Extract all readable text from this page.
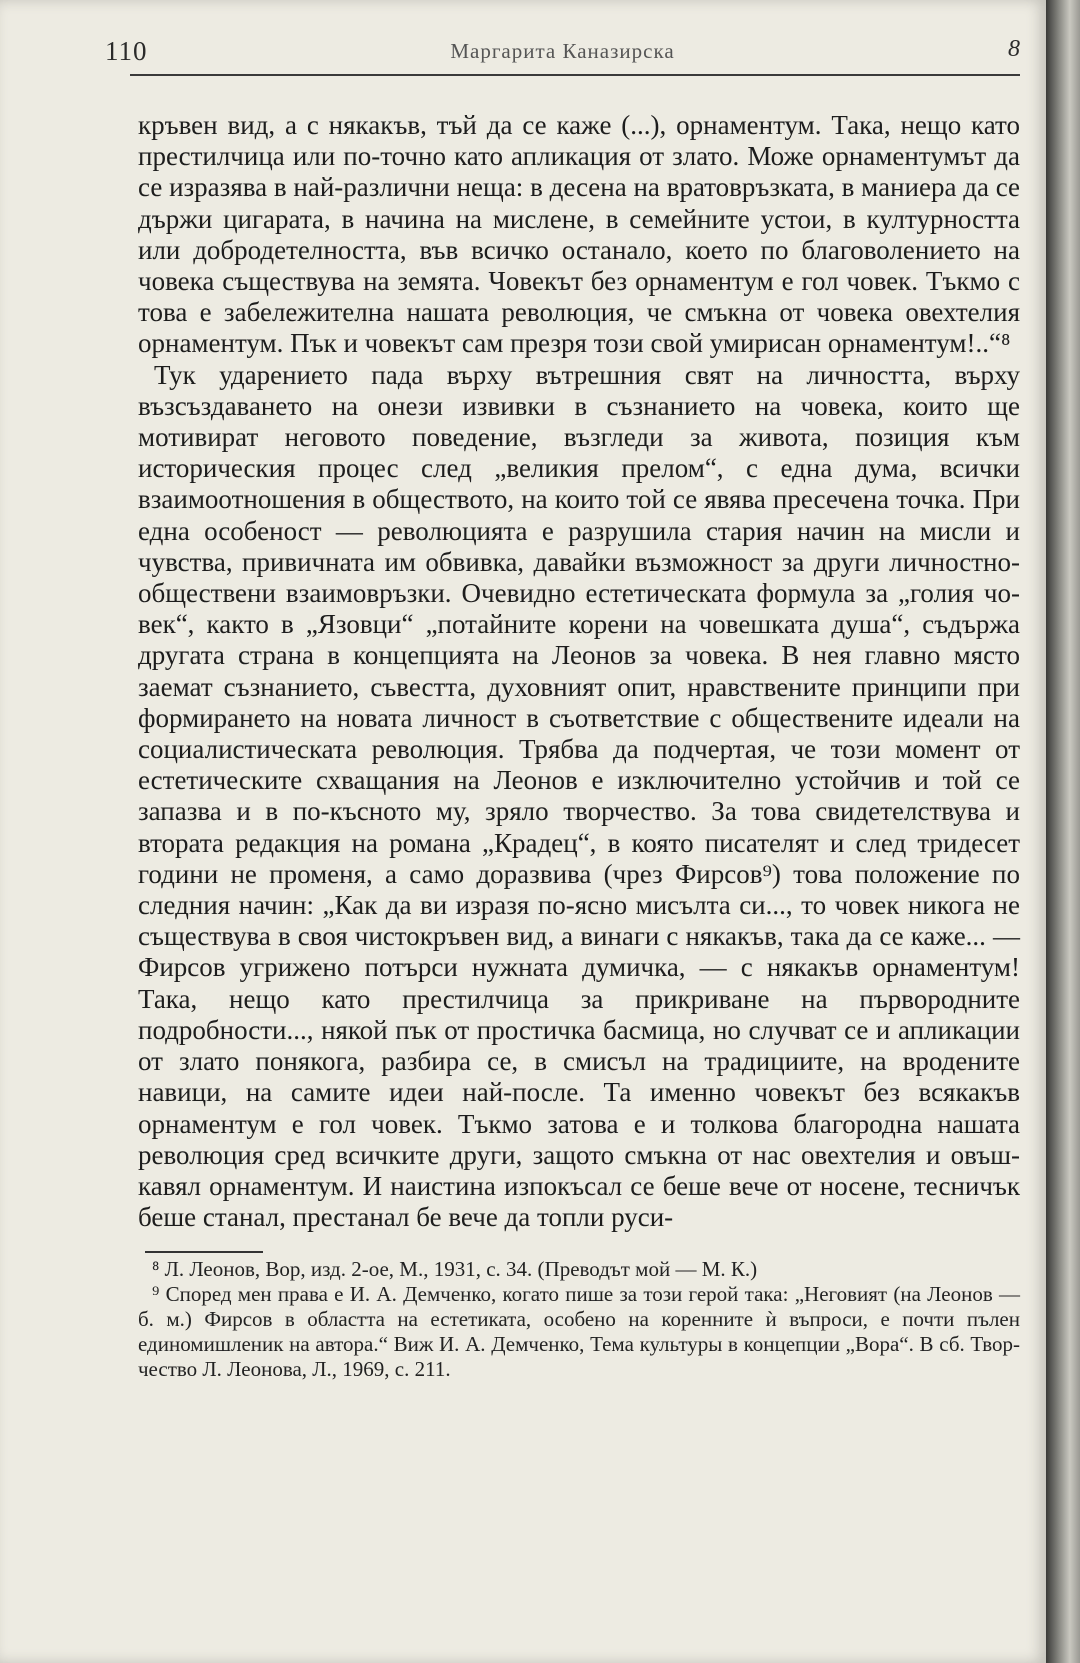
110	Маргарита Каназирска	8

кръвен вид, а с някакъв, тъй да се каже (...), орнаментум. Така, нещо като престилчица или по-точно като апликация от злато. Може орнаментумът да се изразява в най-различни неща: в десена на вратовръзката, в маниера да се държи цигарата, в начина на мислене, в семейните устои, в културността или добродетелността, във всичко останало, което по благоволението на човека съществува на земята. Човекът без орнаментум е гол човек. Тъкмо с това е забележителна нашата революция, че смъкна от човека овехтелия орнаментум. Пък и човекът сам презря този свой умирисан орнаментум!..“⁸

Тук ударението пада върху вътрешния свят на личността, върху възсъздаването на онези извивки в съзнанието на човека, които ще мотивират неговото поведение, възгледи за живота, позиция към историческия процес след „великия прелом“, с една дума, всички взаимоотношения в обществото, на които той се явява пресечена точка. При една особеност — революцията е разрушила стария начин на мисли и чувства, привичната им обвивка, давайки възможност за други личностно-обществени взаимовръзки. Очевидно естетическата формула за „голия човек“, както в „Язовци“ „потайните корени на човешката душа“, съдържа другата страна в концепцията на Леонов за човека. В нея главно място заемат съзнанието, съвестта, духовният опит, нравствените принципи при формирането на новата личност в съответствие с обществените идеали на социалистическата революция. Трябва да подчертая, че този момент от естетическите схващания на Леонов е изключително устойчив и той се запазва и в по-късното му, зряло творчество. За това свидетелствува и втората редакция на романа „Крадец“, в която писателят и след тридесет години не променя, а само доразвива (чрез Фирсов⁹) това положение по следния начин: „Как да ви изразя по-ясно мисълта си..., то човек никога не съществува в своя чистокръвен вид, а винаги с някакъв, така да се каже... — Фирсов угрижено потърси нужната думичка, — с някакъв орнаментум! Така, нещо като престилчица за прикриване на първородните подробности..., някой пък от простичка басмица, но случват се и апликации от злато понякога, разбира се, в смисъл на традициите, на вродените навици, на самите идеи най-после. Та именно човекът без всякакъв орнаментум е гол човек. Тъкмо затова е и толкова благородна нашата революция сред всичките други, защото смъкна от нас овехтелия и овъшкавял орнаментум. И наистина изпокъсал се беше вече от носене, тесничък беше станал, престанал бе вече да топли руси-

⁸ Л. Леонов, Вор, изд. 2-ое, М., 1931, с. 34. (Преводът мой — М. К.)

⁹ Според мен права е И. А. Демченко, когато пише за този герой така: „Неговият (на Леонов — б. м.) Фирсов в областта на естетиката, особено на коренните ѝ въпроси, е почти пълен единомишленик на автора.“ Виж И. А. Демченко, Тема культуры в концепции „Вора“. В сб. Творчество Л. Леонова, Л., 1969, с. 211.
